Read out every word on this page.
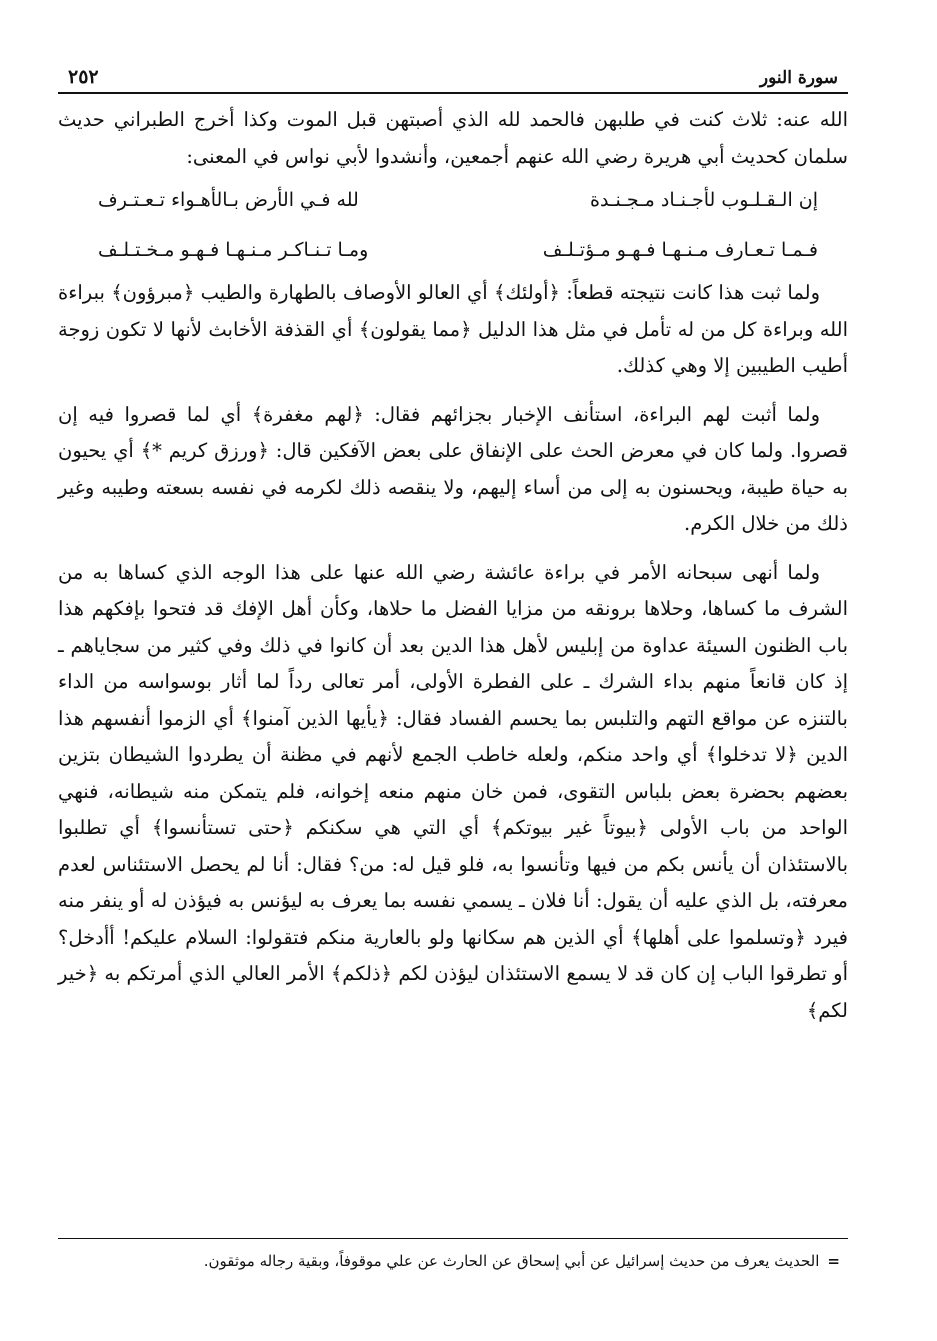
سورة النور
٢٥٢

الله عنه: ثلاث كنت في طلبهن فالحمد لله الذي أصبتهن قبل الموت وكذا أخرج الطبراني حديث سلمان كحديث أبي هريرة رضي الله عنهم أجمعين، وأنشدوا لأبي نواس في المعنى:

إن الـقـلـوب لأجـنـاد مـجـنـدة
لله فـي الأرض بـالأهـواء تـعـتـرف
فـمـا تـعـارف مـنـهـا فـهـو مـؤتـلـف
ومـا تـنـاكـر مـنـهـا فـهـو مـخـتـلـف

ولما ثبت هذا كانت نتيجته قطعاً: ﴿أولئك﴾ أي العالو الأوصاف بالطهارة والطيب ﴿مبرؤون﴾ ببراءة الله وبراءة كل من له تأمل في مثل هذا الدليل ﴿مما يقولون﴾ أي القذفة الأخابث لأنها لا تكون زوجة أطيب الطيبين إلا وهي كذلك.

ولما أثبت لهم البراءة، استأنف الإخبار بجزائهم فقال: ﴿لهم مغفرة﴾ أي لما قصروا فيه إن قصروا. ولما كان في معرض الحث على الإنفاق على بعض الآفكين قال: ﴿ورزق كريم *﴾ أي يحيون به حياة طيبة، ويحسنون به إلى من أساء إليهم، ولا ينقصه ذلك لكرمه في نفسه بسعته وطيبه وغير ذلك من خلال الكرم.

ولما أنهى سبحانه الأمر في براءة عائشة رضي الله عنها على هذا الوجه الذي كساها به من الشرف ما كساها، وحلاها برونقه من مزايا الفضل ما حلاها، وكأن أهل الإفك قد فتحوا بإفكهم هذا باب الظنون السيئة عداوة من إبليس لأهل هذا الدين بعد أن كانوا في ذلك وفي كثير من سجاياهم ـ إذ كان قانعاً منهم بداء الشرك ـ على الفطرة الأولى، أمر تعالى رداً لما أثار بوسواسه من الداء بالتنزه عن مواقع التهم والتلبس بما يحسم الفساد فقال: ﴿يأيها الذين آمنوا﴾ أي الزموا أنفسهم هذا الدين ﴿لا تدخلوا﴾ أي واحد منكم، ولعله خاطب الجمع لأنهم في مظنة أن يطردوا الشيطان بتزين بعضهم بحضرة بعض بلباس التقوى، فمن خان منهم منعه إخوانه، فلم يتمكن منه شيطانه، فنهي الواحد من باب الأولى ﴿بيوتاً غير بيوتكم﴾ أي التي هي سكنكم ﴿حتى تستأنسوا﴾ أي تطلبوا بالاستئذان أن يأنس بكم من فيها وتأنسوا به، فلو قيل له: من؟ فقال: أنا لم يحصل الاستئناس لعدم معرفته، بل الذي عليه أن يقول: أنا فلان ـ يسمي نفسه بما يعرف به ليؤنس به فيؤذن له أو ينفر منه فيرد ﴿وتسلموا على أهلها﴾ أي الذين هم سكانها ولو بالعارية منكم فتقولوا: السلام عليكم! أأدخل؟ أو تطرقوا الباب إن كان قد لا يسمع الاستئذان ليؤذن لكم ﴿ذلكم﴾ الأمر العالي الذي أمرتكم به ﴿خير لكم﴾

=الحديث يعرف من حديث إسرائيل عن أبي إسحاق عن الحارث عن علي موقوفاً، وبقية رجاله موثقون.
